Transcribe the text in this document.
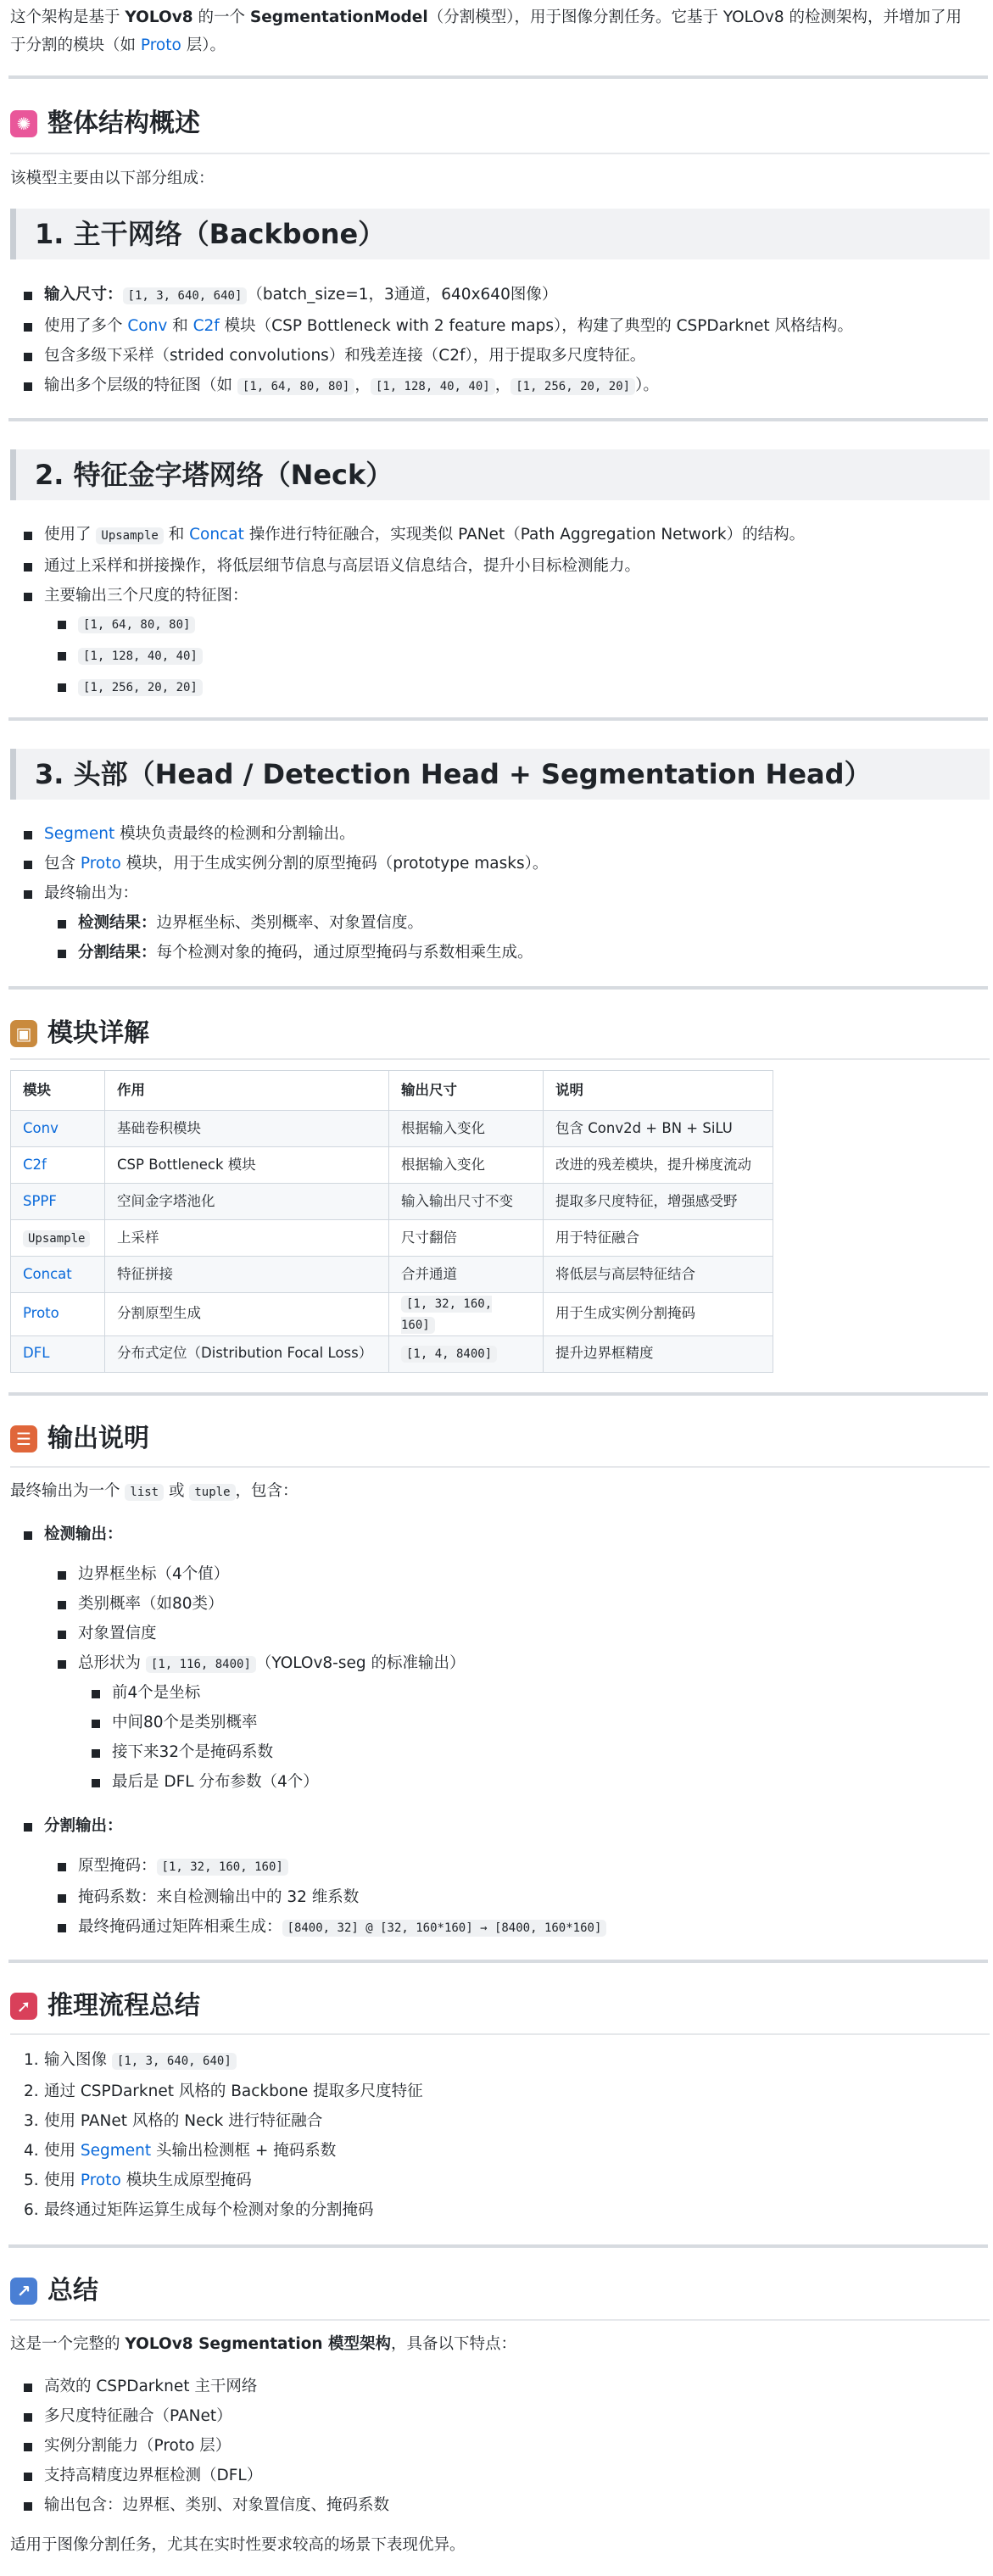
这个架构是基于 YOLOv8 的一个 SegmentationModel（分割模型），用于图像分割任务。它基于 YOLOv8 的检测架构，并增加了用
于分割的模块（如 Proto 层）。

✺ 整体结构概述

该模型主要由以下部分组成：

1. 主干网络（Backbone）
输入尺寸： [1, 3, 640, 640] （batch_size=1，3通道，640x640图像）
使用了多个 Conv 和 C2f 模块（CSP Bottleneck with 2 feature maps），构建了典型的 CSPDarknet 风格结构。
包含多级下采样（strided convolutions）和残差连接（C2f），用于提取多尺度特征。
输出多个层级的特征图（如 [1, 64, 80, 80] ， [1, 128, 40, 40] ， [1, 256, 20, 20] ）。
2. 特征金字塔网络（Neck）
使用了 Upsample 和 Concat 操作进行特征融合，实现类似 PANet（Path Aggregation Network）的结构。
通过上采样和拼接操作，将低层细节信息与高层语义信息结合，提升小目标检测能力。
主要输出三个尺度的特征图：
[1, 64, 80, 80]
[1, 128, 40, 40]
[1, 256, 20, 20]
3. 头部（Head / Detection Head + Segmentation Head）
Segment 模块负责最终的检测和分割输出。
包含 Proto 模块，用于生成实例分割的原型掩码（prototype masks）。
最终输出为：
检测结果：边界框坐标、类别概率、对象置信度。
分割结果：每个检测对象的掩码，通过原型掩码与系数相乘生成。
▣ 模块详解
模块	作用	输出尺寸	说明
Conv	基础卷积模块	根据输入变化	包含 Conv2d + BN + SiLU
C2f	CSP Bottleneck 模块	根据输入变化	改进的残差模块，提升梯度流动
SPPF	空间金字塔池化	输入输出尺寸不变	提取多尺度特征，增强感受野
Upsample	上采样	尺寸翻倍	用于特征融合
Concat	特征拼接	合并通道	将低层与高层特征结合
Proto	分割原型生成	[1, 32, 160, 160]	用于生成实例分割掩码
DFL	分布式定位（Distribution Focal Loss）	[1, 4, 8400]	提升边界框精度
☰ 输出说明

最终输出为一个 list 或 tuple ，包含：

检测输出：
边界框坐标（4个值）
类别概率（如80类）
对象置信度
总形状为 [1, 116, 8400] （YOLOv8-seg 的标准输出）
前4个是坐标
中间80个是类别概率
接下来32个是掩码系数
最后是 DFL 分布参数（4个）
分割输出：
原型掩码： [1, 32, 160, 160]
掩码系数：来自检测输出中的 32 维系数
最终掩码通过矩阵相乘生成： [8400, 32] @ [32, 160*160] → [8400, 160*160]
➚ 推理流程总结
1. 输入图像 [1, 3, 640, 640]
2. 通过 CSPDarknet 风格的 Backbone 提取多尺度特征
3. 使用 PANet 风格的 Neck 进行特征融合
4. 使用 Segment 头输出检测框 + 掩码系数
5. 使用 Proto 模块生成原型掩码
6. 最终通过矩阵运算生成每个检测对象的分割掩码
↗ 总结

这是一个完整的 YOLOv8 Segmentation 模型架构，具备以下特点：

高效的 CSPDarknet 主干网络
多尺度特征融合（PANet）
实例分割能力（Proto 层）
支持高精度边界框检测（DFL）
输出包含：边界框、类别、对象置信度、掩码系数

适用于图像分割任务，尤其在实时性要求较高的场景下表现优异。
